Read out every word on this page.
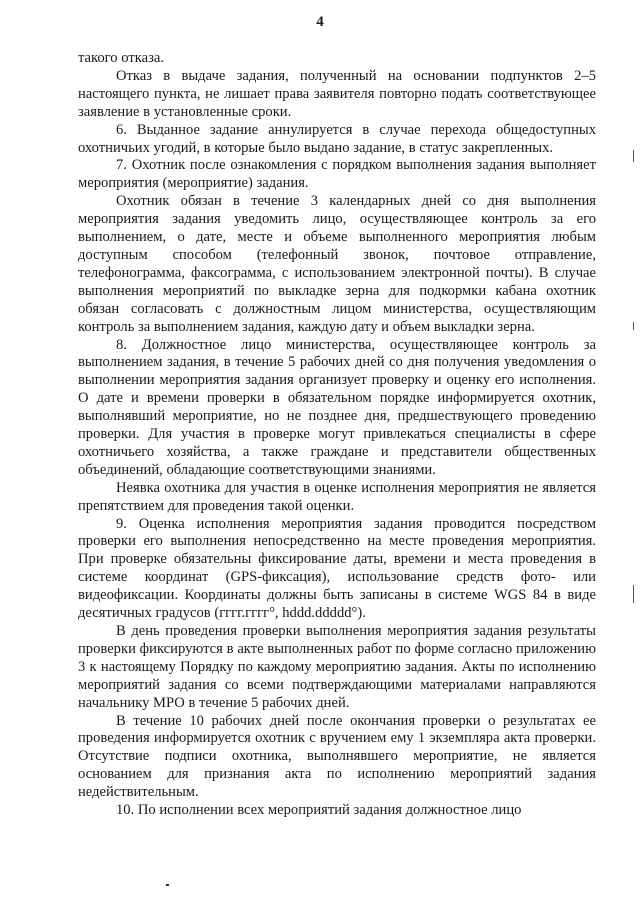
4

такого отказа.

Отказ в выдаче задания, полученный на основании подпунктов 2–5 настоящего пункта, не лишает права заявителя повторно подать соответствующее заявление в установленные сроки.

6. Выданное задание аннулируется в случае перехода общедоступных охотничьих угодий, в которые было выдано задание, в статус закрепленных.

7. Охотник после ознакомления с порядком выполнения задания выполняет мероприятия (мероприятие) задания.

Охотник обязан в течение 3 календарных дней со дня выполнения мероприятия задания уведомить лицо, осуществляющее контроль за его выполнением, о дате, месте и объеме выполненного мероприятия любым доступным способом (телефонный звонок, почтовое отправление, телефонограмма, факсограмма, с использованием электронной почты). В случае выполнения мероприятий по выкладке зерна для подкормки кабана охотник обязан согласовать с должностным лицом министерства, осуществляющим контроль за выполнением задания, каждую дату и объем выкладки зерна.

8. Должностное лицо министерства, осуществляющее контроль за выполнением задания, в течение 5 рабочих дней со дня получения уведомления о выполнении мероприятия задания организует проверку и оценку его исполнения. О дате и времени проверки в обязательном порядке информируется охотник, выполнявший мероприятие, но не позднее дня, предшествующего проведению проверки. Для участия в проверке могут привлекаться специалисты в сфере охотничьего хозяйства, а также граждане и представители общественных объединений, обладающие соответствующими знаниями.

Неявка охотника для участия в оценке исполнения мероприятия не является препятствием для проведения такой оценки.

9. Оценка исполнения мероприятия задания проводится посредством проверки его выполнения непосредственно на месте проведения мероприятия. При проверке обязательны фиксирование даты, времени и места проведения в системе координат (GPS-фиксация), использование средств фото- или видеофиксации. Координаты должны быть записаны в системе WGS 84 в виде десятичных градусов (гггг.гггг°, hddd.ddddd°).

В день проведения проверки выполнения мероприятия задания результаты проверки фиксируются в акте выполненных работ по форме согласно приложению 3 к настоящему Порядку по каждому мероприятию задания. Акты по исполнению мероприятий задания со всеми подтверждающими материалами направляются начальнику МРО в течение 5 рабочих дней.

В течение 10 рабочих дней после окончания проверки о результатах ее проведения информируется охотник с вручением ему 1 экземпляра акта проверки. Отсутствие подписи охотника, выполнявшего мероприятие, не является основанием для признания акта по исполнению мероприятий задания недействительным.

10. По исполнении всех мероприятий задания должностное лицо
